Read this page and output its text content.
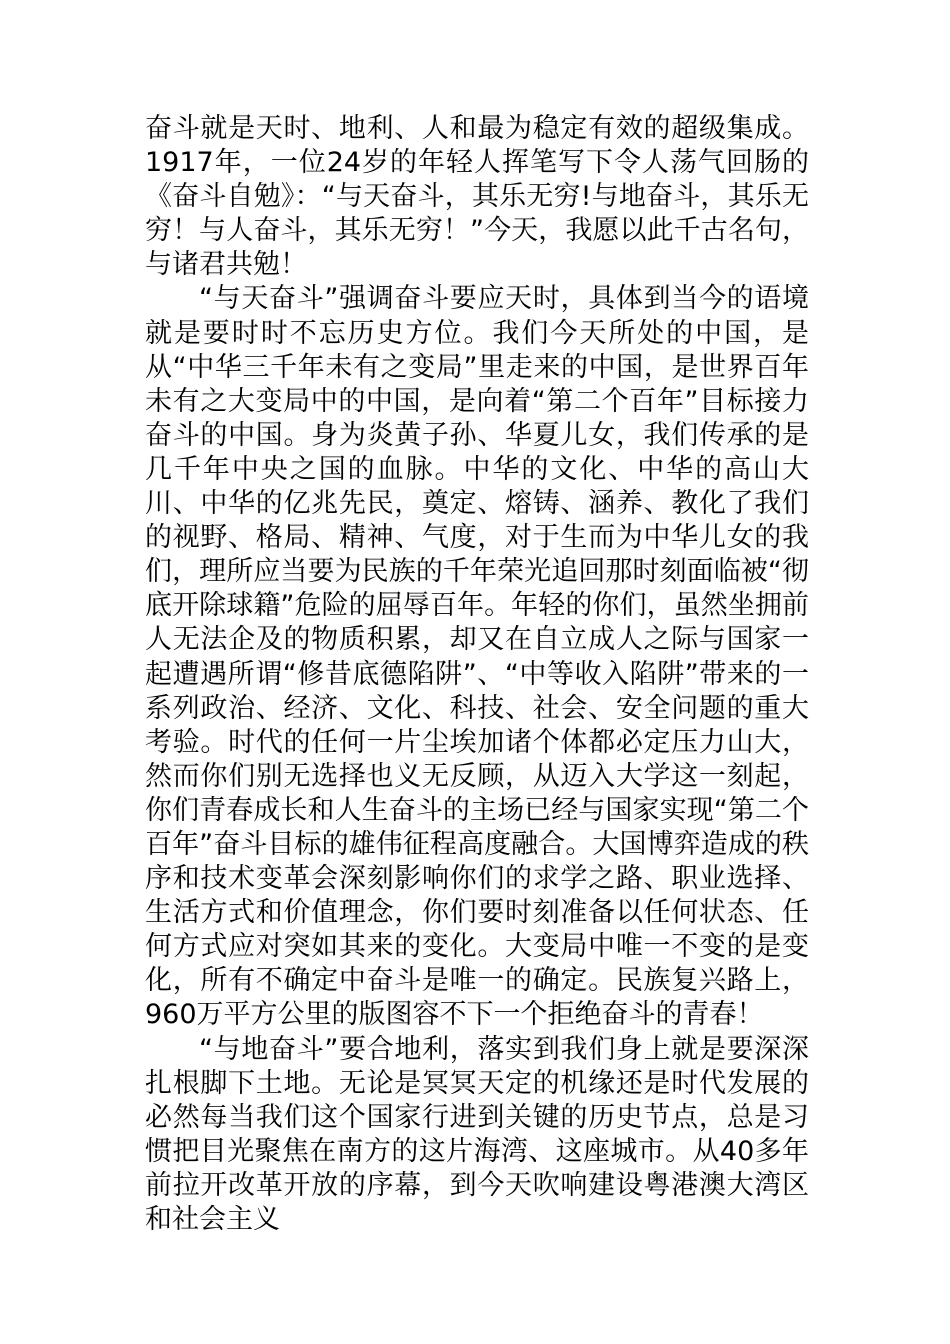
奋斗就是天时、地利、人和最为稳定有效的超级集成。1917年，一位24岁的年轻人挥笔写下令人荡气回肠的《奋斗自勉》：“与天奋斗，其乐无穷!与地奋斗，其乐无穷！与人奋斗，其乐无穷！”今天，我愿以此千古名句，与诸君共勉！

“与天奋斗”强调奋斗要应天时，具体到当今的语境就是要时时不忘历史方位。我们今天所处的中国，是从“中华三千年未有之变局”里走来的中国，是世界百年未有之大变局中的中国，是向着“第二个百年”目标接力奋斗的中国。身为炎黄子孙、华夏儿女，我们传承的是几千年中央之国的血脉。中华的文化、中华的高山大川、中华的亿兆先民，奠定、熔铸、涵养、教化了我们的视野、格局、精神、气度，对于生而为中华儿女的我们，理所应当要为民族的千年荣光追回那时刻面临被“彻底开除球籍”危险的屈辱百年。年轻的你们，虽然坐拥前人无法企及的物质积累，却又在自立成人之际与国家一起遭遇所谓“修昔底德陷阱”、“中等收入陷阱”带来的一系列政治、经济、文化、科技、社会、安全问题的重大考验。时代的任何一片尘埃加诸个体都必定压力山大，然而你们别无选择也义无反顾，从迈入大学这一刻起，你们青春成长和人生奋斗的主场已经与国家实现“第二个百年”奋斗目标的雄伟征程高度融合。大国博弈造成的秩序和技术变革会深刻影响你们的求学之路、职业选择、生活方式和价值理念，你们要时刻准备以任何状态、任何方式应对突如其来的变化。大变局中唯一不变的是变化，所有不确定中奋斗是唯一的确定。民族复兴路上，960万平方公里的版图容不下一个拒绝奋斗的青春！

“与地奋斗”要合地利，落实到我们身上就是要深深扎根脚下土地。无论是冥冥天定的机缘还是时代发展的必然每当我们这个国家行进到关键的历史节点，总是习惯把目光聚焦在南方的这片海湾、这座城市。从40多年前拉开改革开放的序幕，到今天吹响建设粤港澳大湾区和社会主义
